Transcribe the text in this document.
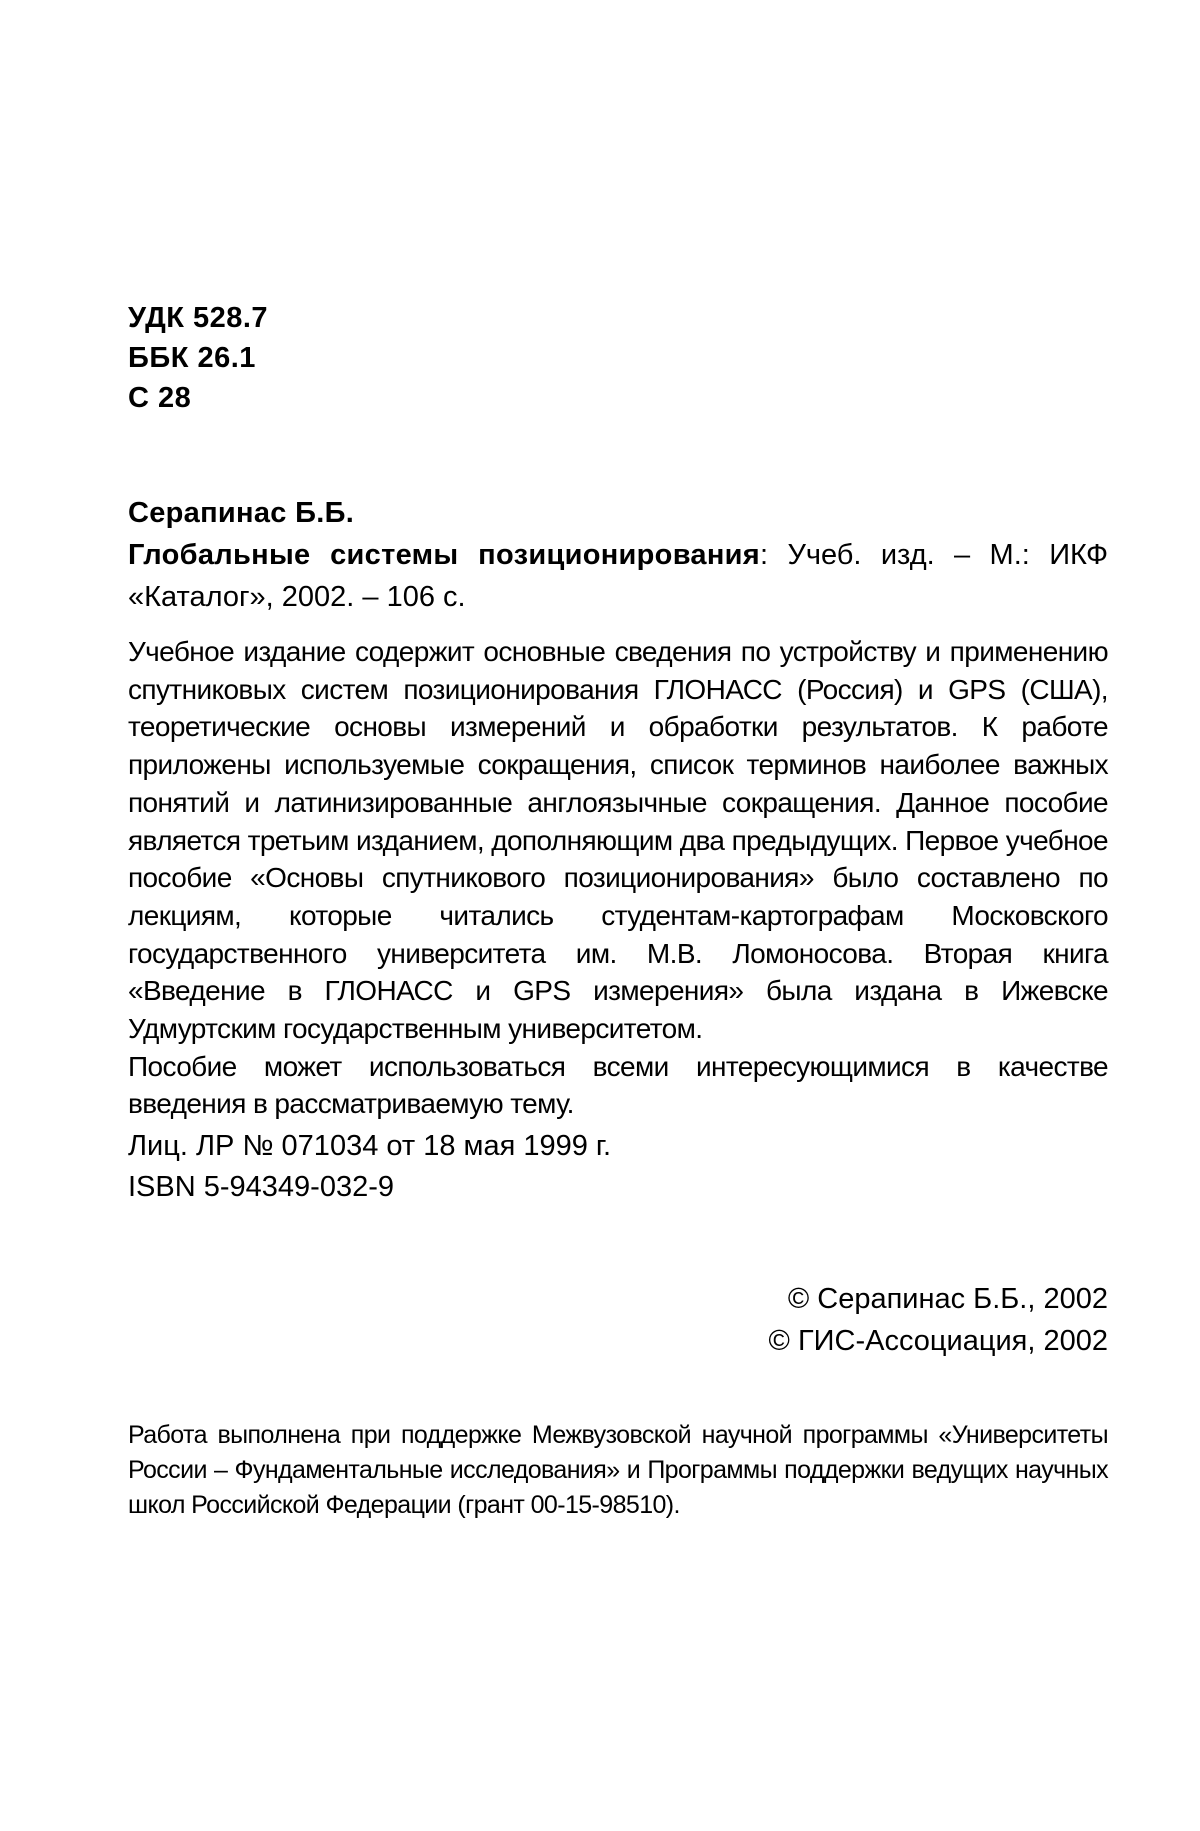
УДК 528.7
ББК 26.1
С 28
Серапинас Б.Б.
Глобальные системы позиционирования: Учеб. изд. – М.: ИКФ «Каталог», 2002. – 106 с.

Учебное издание содержит основные сведения по устройству и применению спутниковых систем позиционирования ГЛОНАСС (Россия) и GPS (США), теоретические основы измерений и обработки результатов. К работе приложены используемые сокращения, список терминов наиболее важных понятий и латинизированные англоязычные сокращения. Данное пособие является третьим изданием, дополняющим два предыдущих. Первое учебное пособие «Основы спутникового позиционирования» было составлено по лекциям, которые читались студентам-картографам Московского государственного университета им. М.В. Ломоносова. Вторая книга «Введение в ГЛОНАСС и GPS измерения» была издана в Ижевске Удмуртским государственным университетом.

Пособие может использоваться всеми интересующимися в качестве введения в рассматриваемую тему.

Лиц. ЛР № 071034 от 18 мая 1999 г.
ISBN 5-94349-032-9
© Серапинас Б.Б., 2002
© ГИС-Ассоциация, 2002
Работа выполнена при поддержке Межвузовской научной программы «Университеты России – Фундаментальные исследования» и Программы поддержки ведущих научных школ Российской Федерации (грант 00-15-98510).
